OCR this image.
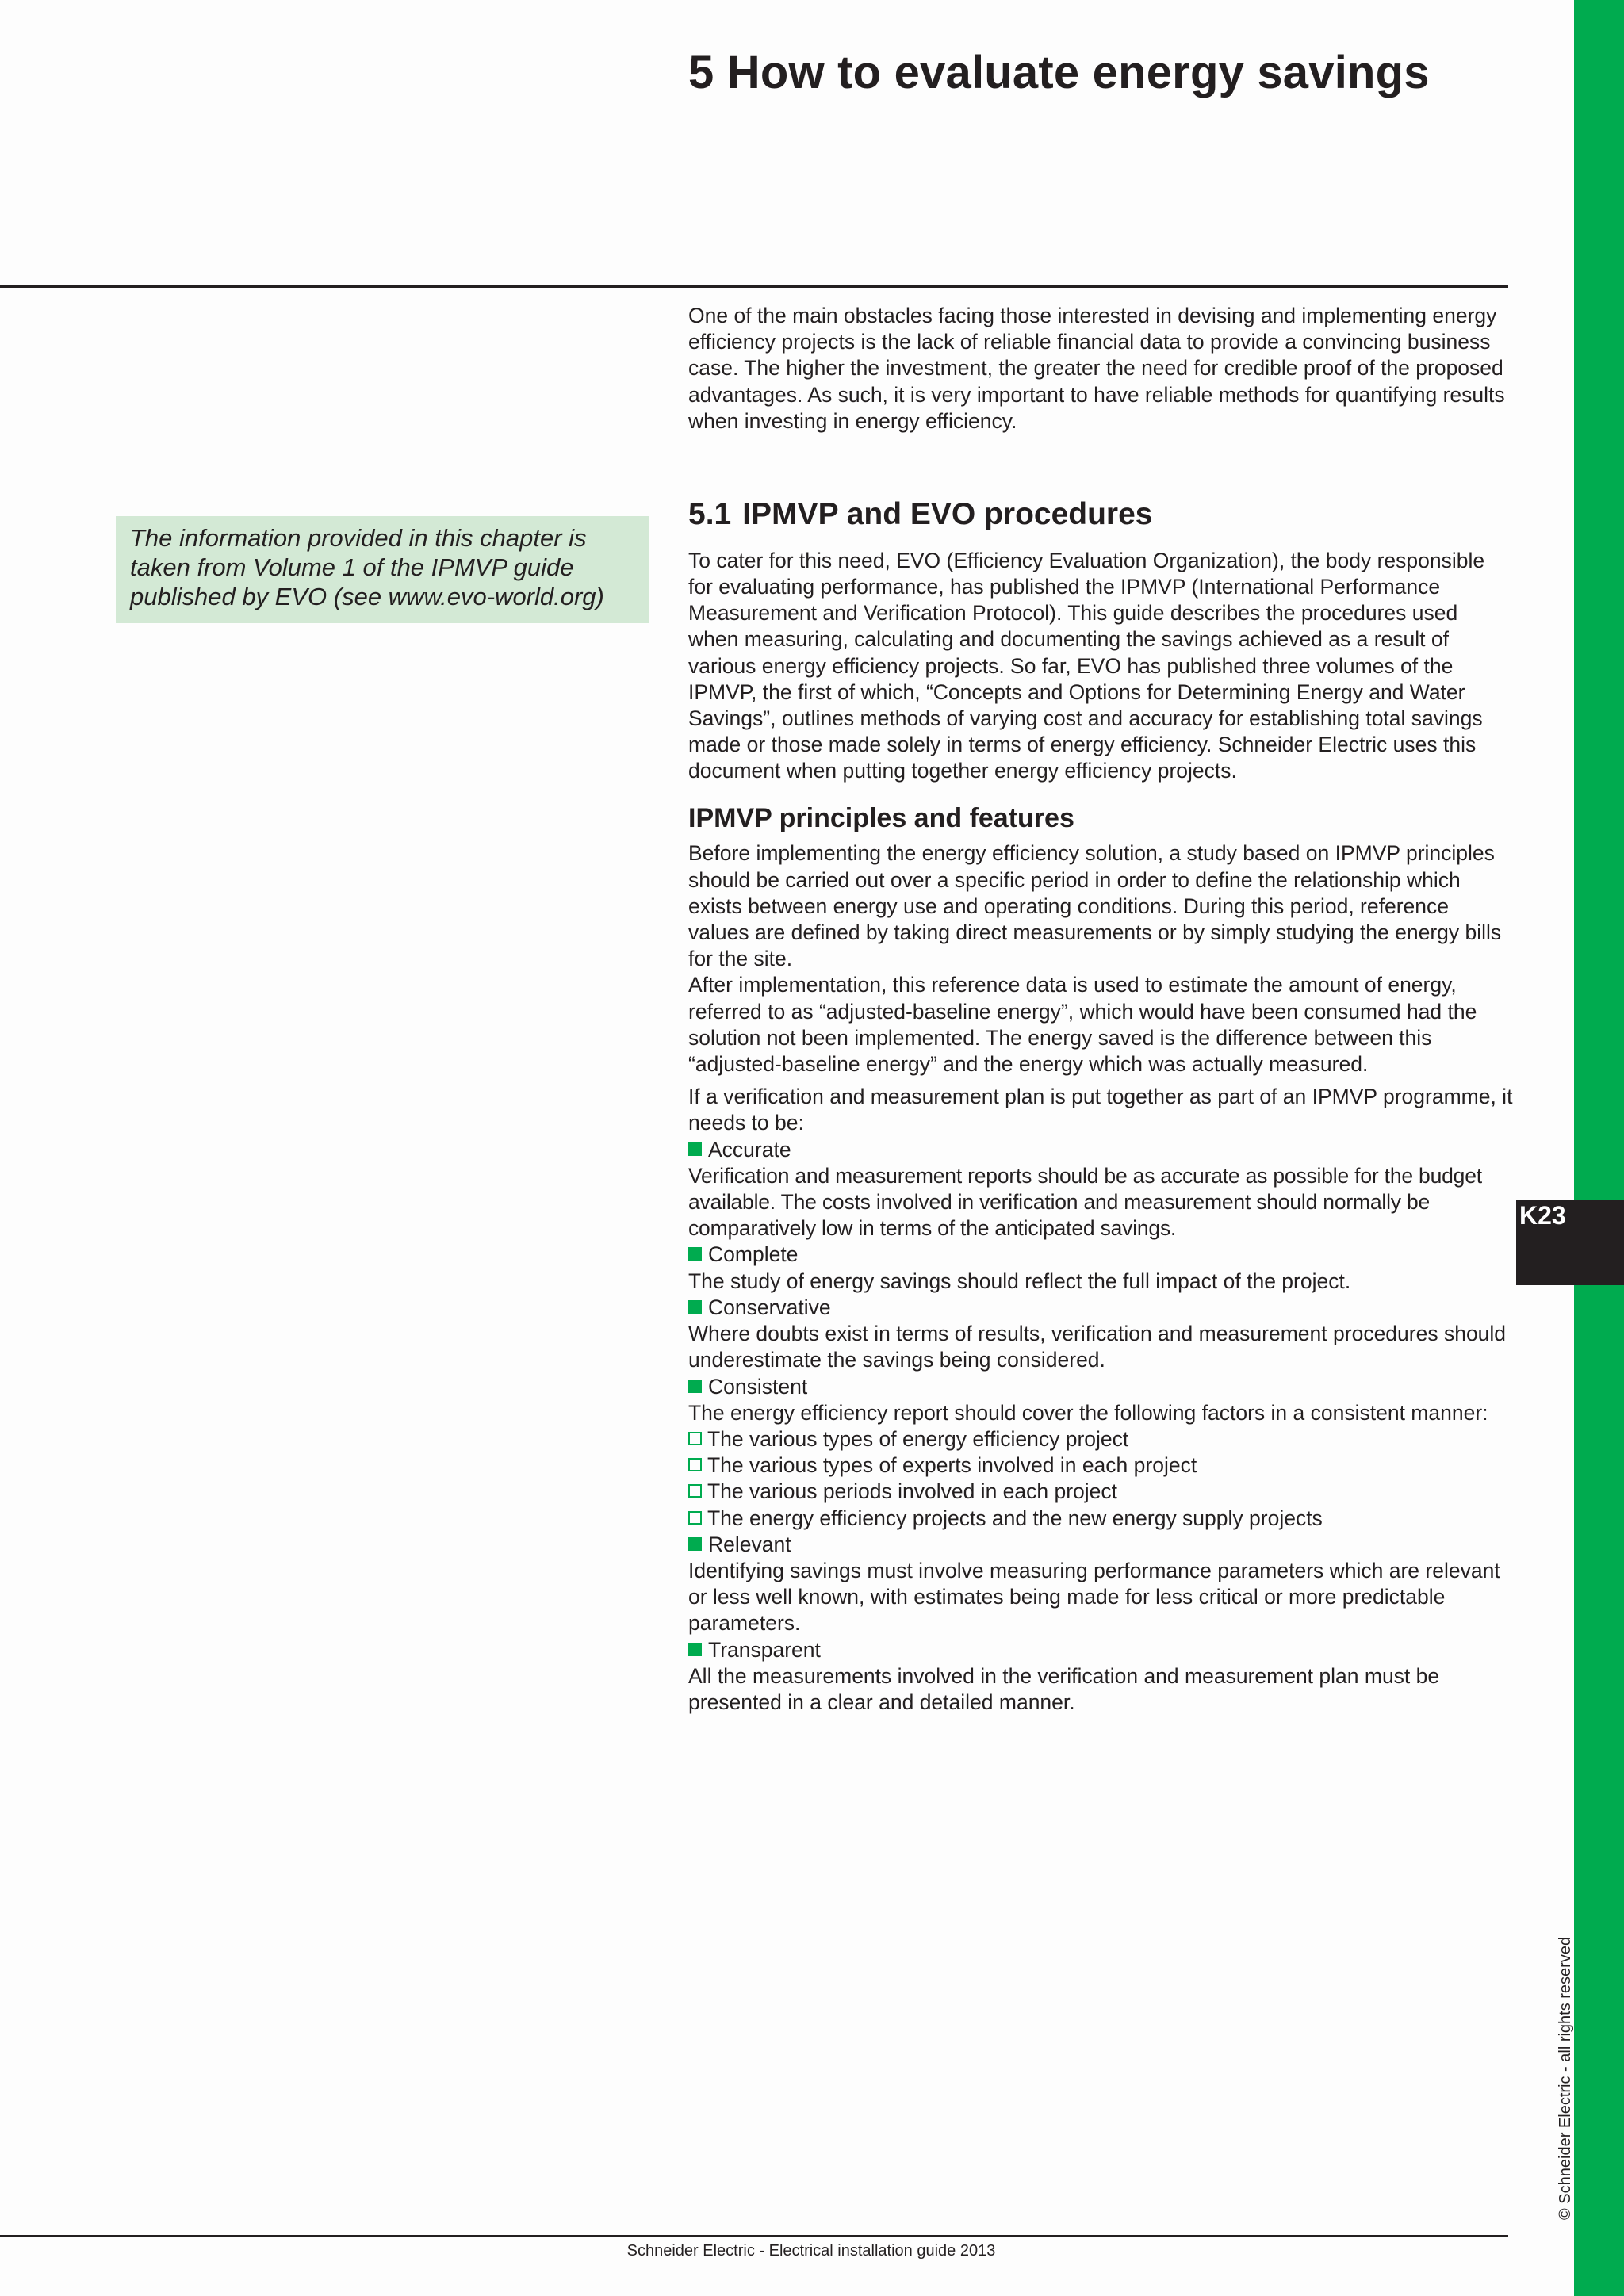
K23
© Schneider Electric - all rights reserved
5 How to evaluate energy savings
The information provided in this chapter is taken from Volume 1 of the IPMVP guide published by EVO (see www.evo-world.org)

One of the main obstacles facing those interested in devising and implementing energy efficiency projects is the lack of reliable financial data to provide a convincing business case. The higher the investment, the greater the need for credible proof of the proposed advantages. As such, it is very important to have reliable methods for quantifying results when investing in energy efficiency.

5.1 IPMVP and EVO procedures

To cater for this need, EVO (Efficiency Evaluation Organization), the body responsible for evaluating performance, has published the IPMVP (International Performance Measurement and Verification Protocol). This guide describes the procedures used when measuring, calculating and documenting the savings achieved as a result of various energy efficiency projects. So far, EVO has published three volumes of the IPMVP, the first of which, “Concepts and Options for Determining Energy and Water Savings”, outlines methods of varying cost and accuracy for establishing total savings made or those made solely in terms of energy efficiency. Schneider Electric uses this document when putting together energy efficiency projects.

IPMVP principles and features

Before implementing the energy efficiency solution, a study based on IPMVP principles should be carried out over a specific period in order to define the relationship which exists between energy use and operating conditions. During this period, reference values are defined by taking direct measurements or by simply studying the energy bills for the site.

After implementation, this reference data is used to estimate the amount of energy, referred to as “adjusted-baseline energy”, which would have been consumed had the solution not been implemented. The energy saved is the difference between this “adjusted-baseline energy” and the energy which was actually measured.

If a verification and measurement plan is put together as part of an IPMVP programme, it needs to be:

Accurate

Verification and measurement reports should be as accurate as possible for the budget available. The costs involved in verification and measurement should normally be comparatively low in terms of the anticipated savings.

Complete

The study of energy savings should reflect the full impact of the project.

Conservative

Where doubts exist in terms of results, verification and measurement procedures should underestimate the savings being considered.

Consistent

The energy efficiency report should cover the following factors in a consistent manner:

The various types of energy efficiency project

The various types of experts involved in each project

The various periods involved in each project

The energy efficiency projects and the new energy supply projects

Relevant

Identifying savings must involve measuring performance parameters which are relevant or less well known, with estimates being made for less critical or more predictable parameters.

Transparent

All the measurements involved in the verification and measurement plan must be presented in a clear and detailed manner.

Schneider Electric - Electrical installation guide 2013
